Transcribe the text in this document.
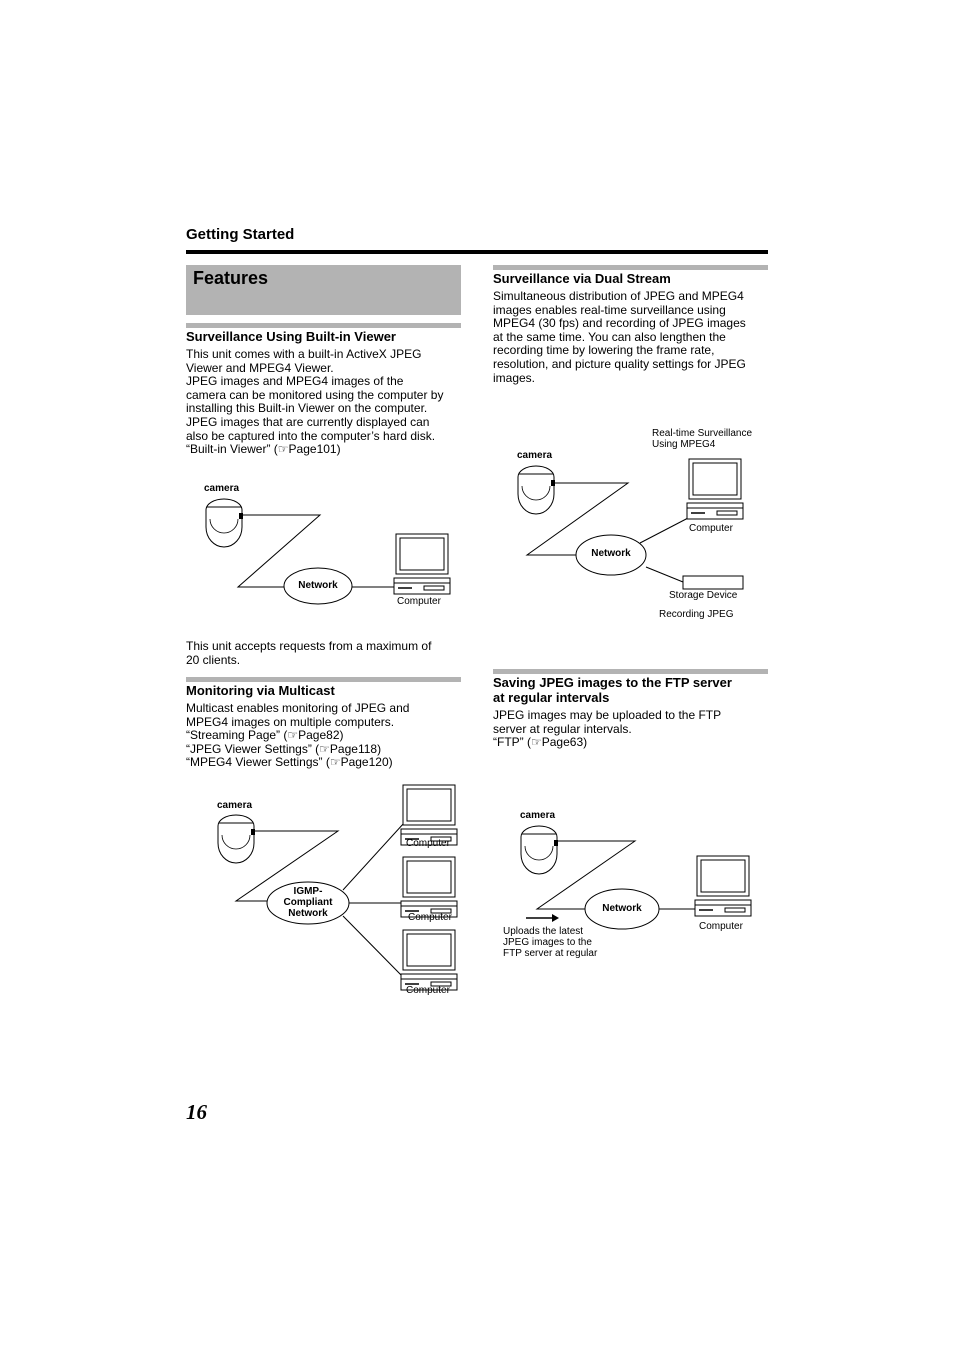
Getting Started
Features
Surveillance Using Built-in Viewer

This unit comes with a built-in ActiveX JPEG

Viewer and MPEG4 Viewer.

JPEG images and MPEG4 images of the

camera can be monitored using the computer by

installing this Built-in Viewer on the computer.

JPEG images that are currently displayed can

also be captured into the computer’s hard disk.

“Built-in Viewer” (☞Page101)

This unit accepts requests from a maximum of

20 clients.

Monitoring via Multicast

Multicast enables monitoring of JPEG and

MPEG4 images on multiple computers.

“Streaming Page” (☞Page82)

“JPEG Viewer Settings” (☞Page118)

“MPEG4 Viewer Settings” (☞Page120)

Surveillance via Dual Stream

Simultaneous distribution of JPEG and MPEG4

images enables real-time surveillance using

MPEG4 (30 fps) and recording of JPEG images

at the same time. You can also lengthen the

recording time by lowering the frame rate,

resolution, and picture quality settings for JPEG

images.

Saving JPEG images to the FTP server
at regular intervals

JPEG images may be uploaded to the FTP

server at regular intervals.

“FTP” (☞Page63)

camera
Network
Computer
camera
IGMP-
Compliant
Network
Computer
Computer
Computer
Real-time Surveillance
Using MPEG4
camera
Network
Computer
Storage Device
Recording JPEG
camera
Network
Computer
Uploads the latest
JPEG images to the
FTP server at regular
16
